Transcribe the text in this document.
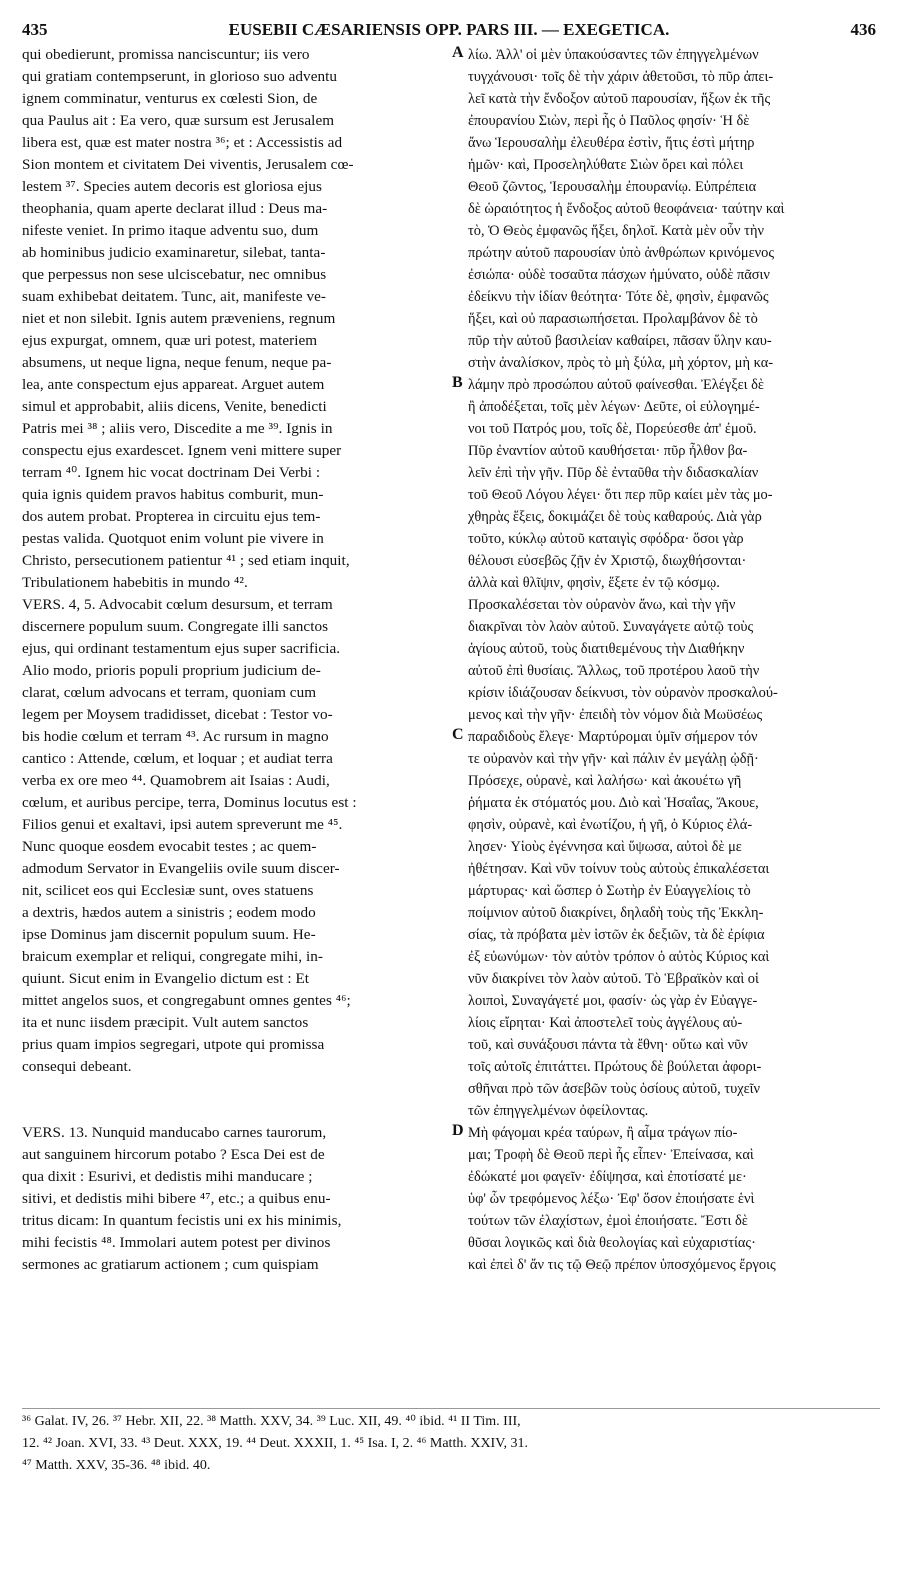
435	EUSEBII CÆSARIENSIS OPP. PARS III. — EXEGETICA.	436
qui obedierunt, promissa nanciscuntur; iis vero
qui gratiam contempserunt, in glorioso suo adventu
ignem comminatur, venturus ex cœlesti Sion, de
qua Paulus ait : Ea vero, quæ sursum est Jerusalem
libera est, quæ est mater nostra ³⁶; et : Accessistis ad
Sion montem et civitatem Dei viventis, Jerusalem cœ-
lestem ³⁷. Species autem decoris est gloriosa ejus
theophania, quam aperte declarat illud : Deus ma-
nifeste veniet. In primo itaque adventu suo, dum
ab hominibus judicio examinaretur, silebat, tanta-
que perpessus non sese ulciscebatur, nec omnibus
suam exhibebat deitatem. Tunc, ait, manifeste ve-
niet et non silebit. Ignis autem præveniens, regnum
ejus expurgat, omnem, quæ uri potest, materiem
absumens, ut neque ligna, neque fenum, neque pa-
lea, ante conspectum ejus appareat. Arguet autem
simul et approbabit, aliis dicens, Venite, benedicti
Patris mei ³⁸ ; aliis vero, Discedite a me ³⁹. Ignis in
conspectu ejus exardescet. Ignem veni mittere super
terram ⁴⁰. Ignem hic vocat doctrinam Dei Verbi :
quia ignis quidem pravos habitus comburit, mun-
dos autem probat. Propterea in circuitu ejus tem-
pestas valida. Quotquot enim volunt pie vivere in
Christo, persecutionem patientur ⁴¹ ; sed etiam inquit,
Tribulationem habebitis in mundo ⁴².
VERS. 4, 5. Advocabit cœlum desursum, et terram
discernere populum suum. Congregate illi sanctos
ejus, qui ordinant testamentum ejus super sacrificia.
Alio modo, prioris populi proprium judicium de-
clarat, cœlum advocans et terram, quoniam cum
legem per Moysem tradidisset, dicebat : Testor vo-
bis hodie cœlum et terram ⁴³. Ac rursum in magno
cantico : Attende, cœlum, et loquar ; et audiat terra
verba ex ore meo ⁴⁴. Quamobrem ait Isaias : Audi,
cœlum, et auribus percipe, terra, Dominus locutus est :
Filios genui et exaltavi, ipsi autem spreverunt me ⁴⁵.
Nunc quoque eosdem evocabit testes ; ac quem-
admodum Servator in Evangeliis ovile suum discer-
nit, scilicet eos qui Ecclesiæ sunt, oves statuens
a dextris, hædos autem a sinistris ; eodem modo
ipse Dominus jam discernit populum suum. He-
braicum exemplar et reliqui, congregate mihi, in-
quiunt. Sicut enim in Evangelio dictum est : Et
mittet angelos suos, et congregabunt omnes gentes ⁴⁶;
ita et nunc iisdem præcipit. Vult autem sanctos
prius quam impios segregari, utpote qui promissa
consequi debeant.
VERS. 13. Nunquid manducabo carnes taurorum,
aut sanguinem hircorum potabo ? Esca Dei est de
qua dixit : Esurivi, et dedistis mihi manducare ;
sitivi, et dedistis mihi bibere ⁴⁷, etc.; a quibus enu-
tritus dicam: In quantum fecistis uni ex his minimis,
mihi fecistis ⁴⁸. Immolari autem potest per divinos
sermones ac gratiarum actionem ; cum quispiam
λίω. Ἀλλ' οἱ μὲν ὑπακούσαντες τῶν ἐπηγγελμένων
τυγχάνουσι· τοῖς δὲ τὴν χάριν ἀθετοῦσι, τὸ πῦρ ἀπει-
λεῖ κατὰ τὴν ἔνδοξον αὐτοῦ παρουσίαν, ἥξων ἐκ τῆς
ἐπουρανίου Σιὼν, περὶ ἧς ὁ Παῦλος φησίν· Ἡ δὲ
ἄνω Ἱερουσαλὴμ ἐλευθέρα ἐστὶν, ἥτις ἐστὶ μήτηρ
ἡμῶν· καὶ, Προσεληλύθατε Σιὼν ὄρει καὶ πόλει
Θεοῦ ζῶντος, Ἱερουσαλὴμ ἐπουρανίῳ. Εὐπρέπεια
δὲ ὡραιότητος ἡ ἔνδοξος αὐτοῦ θεοφάνεια· ταύτην καὶ
τὸ, Ὁ Θεὸς ἐμφανῶς ἥξει, δηλοῖ. Κατὰ μὲν οὖν τὴν
πρώτην αὐτοῦ παρουσίαν ὑπὸ ἀνθρώπων κρινόμενος
ἐσιώπα· οὐδὲ τοσαῦτα πάσχων ἠμύνατο, οὐδὲ πᾶσιν
ἐδείκνυ τὴν ἰδίαν θεότητα· Τότε δὲ, φησὶν, ἐμφανῶς
ἥξει, καὶ οὐ παρασιωπήσεται. Προλαμβάνον δὲ τὸ
πῦρ τὴν αὐτοῦ βασιλείαν καθαίρει, πᾶσαν ὕλην καυ-
στὴν ἀναλίσκον, πρὸς τὸ μὴ ξύλα, μὴ χόρτον, μὴ κα-
λάμην πρὸ προσώπου αὐτοῦ φαίνεσθαι. Ἐλέγξει δὲ
ἢ ἀποδέξεται, τοῖς μὲν λέγων· Δεῦτε, οἱ εὐλογημέ-
νοι τοῦ Πατρός μου, τοῖς δὲ, Πορεύεσθε ἀπ' ἐμοῦ.
Πῦρ ἐναντίον αὐτοῦ καυθήσεται· πῦρ ἦλθον βα-
λεῖν ἐπὶ τὴν γῆν. Πῦρ δὲ ἐνταῦθα τὴν διδασκαλίαν
τοῦ Θεοῦ Λόγου λέγει· ὅτι περ πῦρ καίει μὲν τὰς μο-
χθηρὰς ἕξεις, δοκιμάζει δὲ τοὺς καθαρούς. Διὰ γὰρ
τοῦτο, κύκλῳ αὐτοῦ καταιγὶς σφόδρα· ὅσοι γὰρ
θέλουσι εὐσεβῶς ζῇν ἐν Χριστῷ, διωχθήσονται·
ἀλλὰ καὶ θλῖψιν, φησὶν, ἕξετε ἐν τῷ κόσμῳ.
Προσκαλέσεται τὸν οὐρανὸν ἄνω, καὶ τὴν γῆν
διακρῖναι τὸν λαὸν αὐτοῦ. Συναγάγετε αὐτῷ τοὺς
ἁγίους αὐτοῦ, τοὺς διατιθεμένους τὴν Διαθήκην
αὐτοῦ ἐπὶ θυσίαις. Ἄλλως, τοῦ προτέρου λαοῦ τὴν
κρίσιν ἰδιάζουσαν δείκνυσι, τὸν οὐρανὸν προσκαλού-
μενος καὶ τὴν γῆν· ἐπειδὴ τὸν νόμον διὰ Μωϋσέως
παραδιδοὺς ἔλεγε· Μαρτύρομαι ὑμῖν σήμερον τόν
τε οὐρανὸν καὶ τὴν γῆν· καὶ πάλιν ἐν μεγάλῃ ᾠδῇ·
Πρόσεχε, οὐρανὲ, καὶ λαλήσω· καὶ ἀκουέτω γῆ
ῥήματα ἐκ στόματός μου. Διὸ καὶ Ἡσαΐας, Ἄκουε,
φησὶν, οὐρανὲ, καὶ ἐνωτίζου, ἡ γῆ, ὁ Κύριος ἐλά-
λησεν· Υἱοὺς ἐγέννησα καὶ ὕψωσα, αὐτοὶ δὲ με
ἠθέτησαν. Καὶ νῦν τοίνυν τοὺς αὐτοὺς ἐπικαλέσεται
μάρτυρας· καὶ ὥσπερ ὁ Σωτὴρ ἐν Εὐαγγελίοις τὸ
ποίμνιον αὐτοῦ διακρίνει, δηλαδὴ τοὺς τῆς Ἐκκλη-
σίας, τὰ πρόβατα μὲν ἱστῶν ἐκ δεξιῶν, τὰ δὲ ἐρίφια
ἐξ εὐωνύμων· τὸν αὐτὸν τρόπον ὁ αὐτὸς Κύριος καὶ
νῦν διακρίνει τὸν λαὸν αὐτοῦ. Τὸ Ἑβραϊκὸν καὶ οἱ
λοιποὶ, Συναγάγετέ μοι, φασίν· ὡς γὰρ ἐν Εὐαγγε-
λίοις εἴρηται· Καὶ ἀποστελεῖ τοὺς ἀγγέλους αὐ-
τοῦ, καὶ συνάξουσι πάντα τὰ ἔθνη· οὕτω καὶ νῦν
τοῖς αὐτοῖς ἐπιτάττει. Πρώτους δὲ βούλεται ἀφορι-
σθῆναι πρὸ τῶν ἀσεβῶν τοὺς ὁσίους αὐτοῦ, τυχεῖν
τῶν ἐπηγγελμένων ὀφείλοντας.
Μὴ φάγομαι κρέα ταύρων, ἢ αἷμα τράγων πίο-
μαι; Τροφὴ δὲ Θεοῦ περὶ ἧς εἶπεν· Ἐπείνασα, καὶ
ἐδώκατέ μοι φαγεῖν· ἐδίψησα, καὶ ἐποτίσατέ με·
ὑφ' ὧν τρεφόμενος λέξω· Ἐφ' ὅσον ἐποιήσατε ἑνὶ
τούτων τῶν ἐλαχίστων, ἐμοὶ ἐποιήσατε. Ἔστι δὲ
θῦσαι λογικῶς καὶ διὰ θεολογίας καὶ εὐχαριστίας·
καὶ ἐπεὶ δ' ἄν τις τῷ Θεῷ πρέπον ὑποσχόμενος ἔργοις
A
B
C
D
³⁶ Galat. IV, 26. ³⁷ Hebr. XII, 22. ³⁸ Matth. XXV, 34. ³⁹ Luc. XII, 49. ⁴⁰ ibid. ⁴¹ II Tim. III,
12. ⁴² Joan. XVI, 33. ⁴³ Deut. XXX, 19. ⁴⁴ Deut. XXXII, 1. ⁴⁵ Isa. I, 2. ⁴⁶ Matth. XXIV, 31.
⁴⁷ Matth. XXV, 35-36. ⁴⁸ ibid. 40.
